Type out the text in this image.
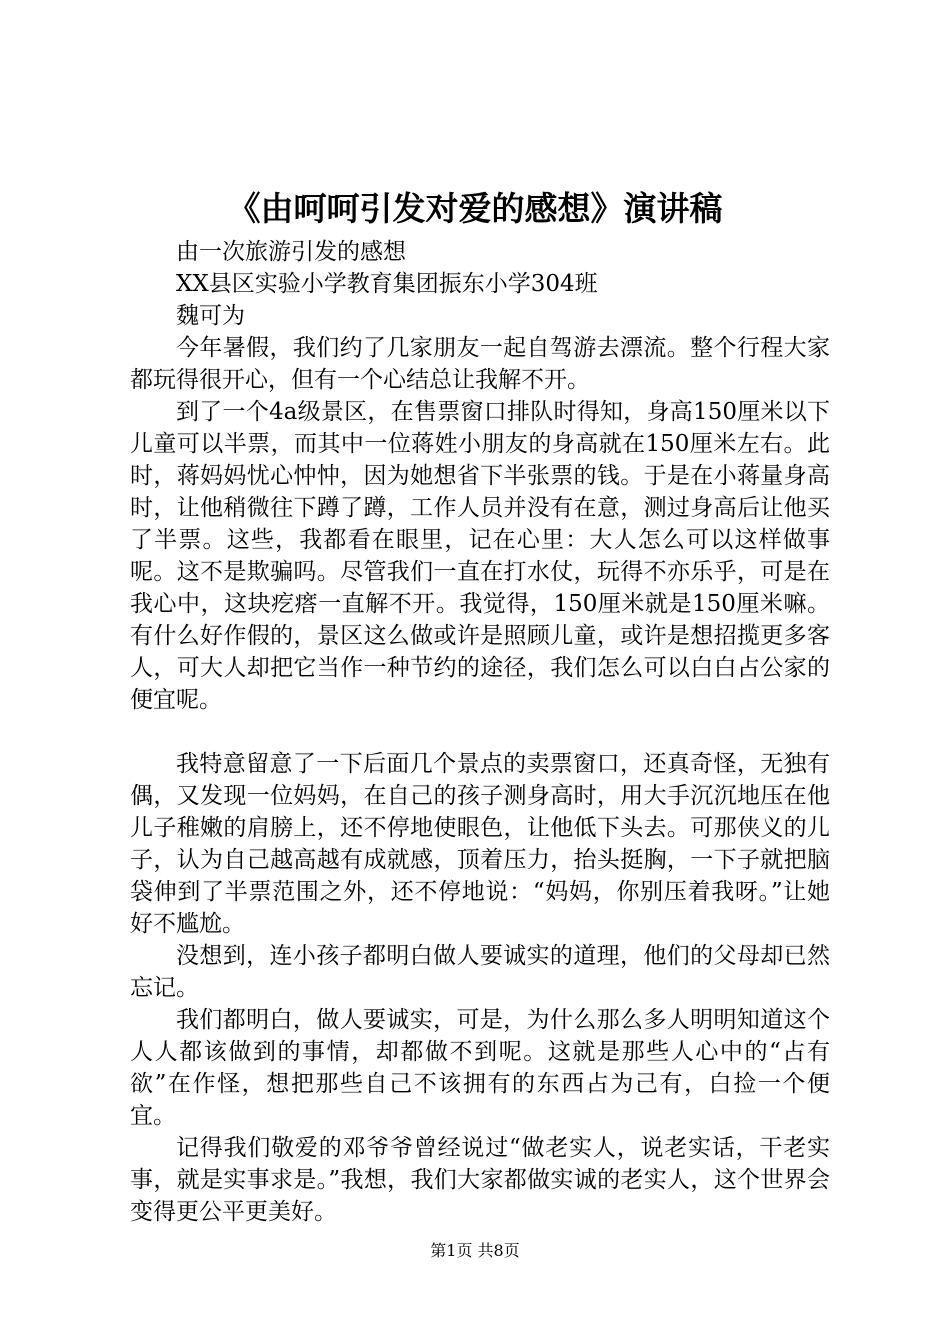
《由呵呵引发对爱的感想》演讲稿

由一次旅游引发的感想

XX县区实验小学教育集团振东小学304班

魏可为

今年暑假，我们约了几家朋友一起自驾游去漂流。整个行程大家都玩得很开心，但有一个心结总让我解不开。

到了一个4a级景区，在售票窗口排队时得知，身高150厘米以下儿童可以半票，而其中一位蒋姓小朋友的身高就在150厘米左右。此时，蒋妈妈忧心忡忡，因为她想省下半张票的钱。于是在小蒋量身高时，让他稍微往下蹲了蹲，工作人员并没有在意，测过身高后让他买了半票。这些，我都看在眼里，记在心里：大人怎么可以这样做事呢。这不是欺骗吗。尽管我们一直在打水仗，玩得不亦乐乎，可是在我心中，这块疙瘩一直解不开。我觉得，150厘米就是150厘米嘛。有什么好作假的，景区这么做或许是照顾儿童，或许是想招揽更多客人，可大人却把它当作一种节约的途径，我们怎么可以白白占公家的便宜呢。

我特意留意了一下后面几个景点的卖票窗口，还真奇怪，无独有偶，又发现一位妈妈，在自己的孩子测身高时，用大手沉沉地压在他儿子稚嫩的肩膀上，还不停地使眼色，让他低下头去。可那侠义的儿子，认为自己越高越有成就感，顶着压力，抬头挺胸，一下子就把脑袋伸到了半票范围之外，还不停地说：“妈妈，你别压着我呀。”让她好不尴尬。

没想到，连小孩子都明白做人要诚实的道理，他们的父母却已然忘记。

我们都明白，做人要诚实，可是，为什么那么多人明明知道这个人人都该做到的事情，却都做不到呢。这就是那些人心中的“占有欲”在作怪，想把那些自己不该拥有的东西占为己有，白捡一个便宜。

记得我们敬爱的邓爷爷曾经说过“做老实人，说老实话，干老实事，就是实事求是。”我想，我们大家都做实诚的老实人，这个世界会变得更公平更美好。

第1页 共8页
